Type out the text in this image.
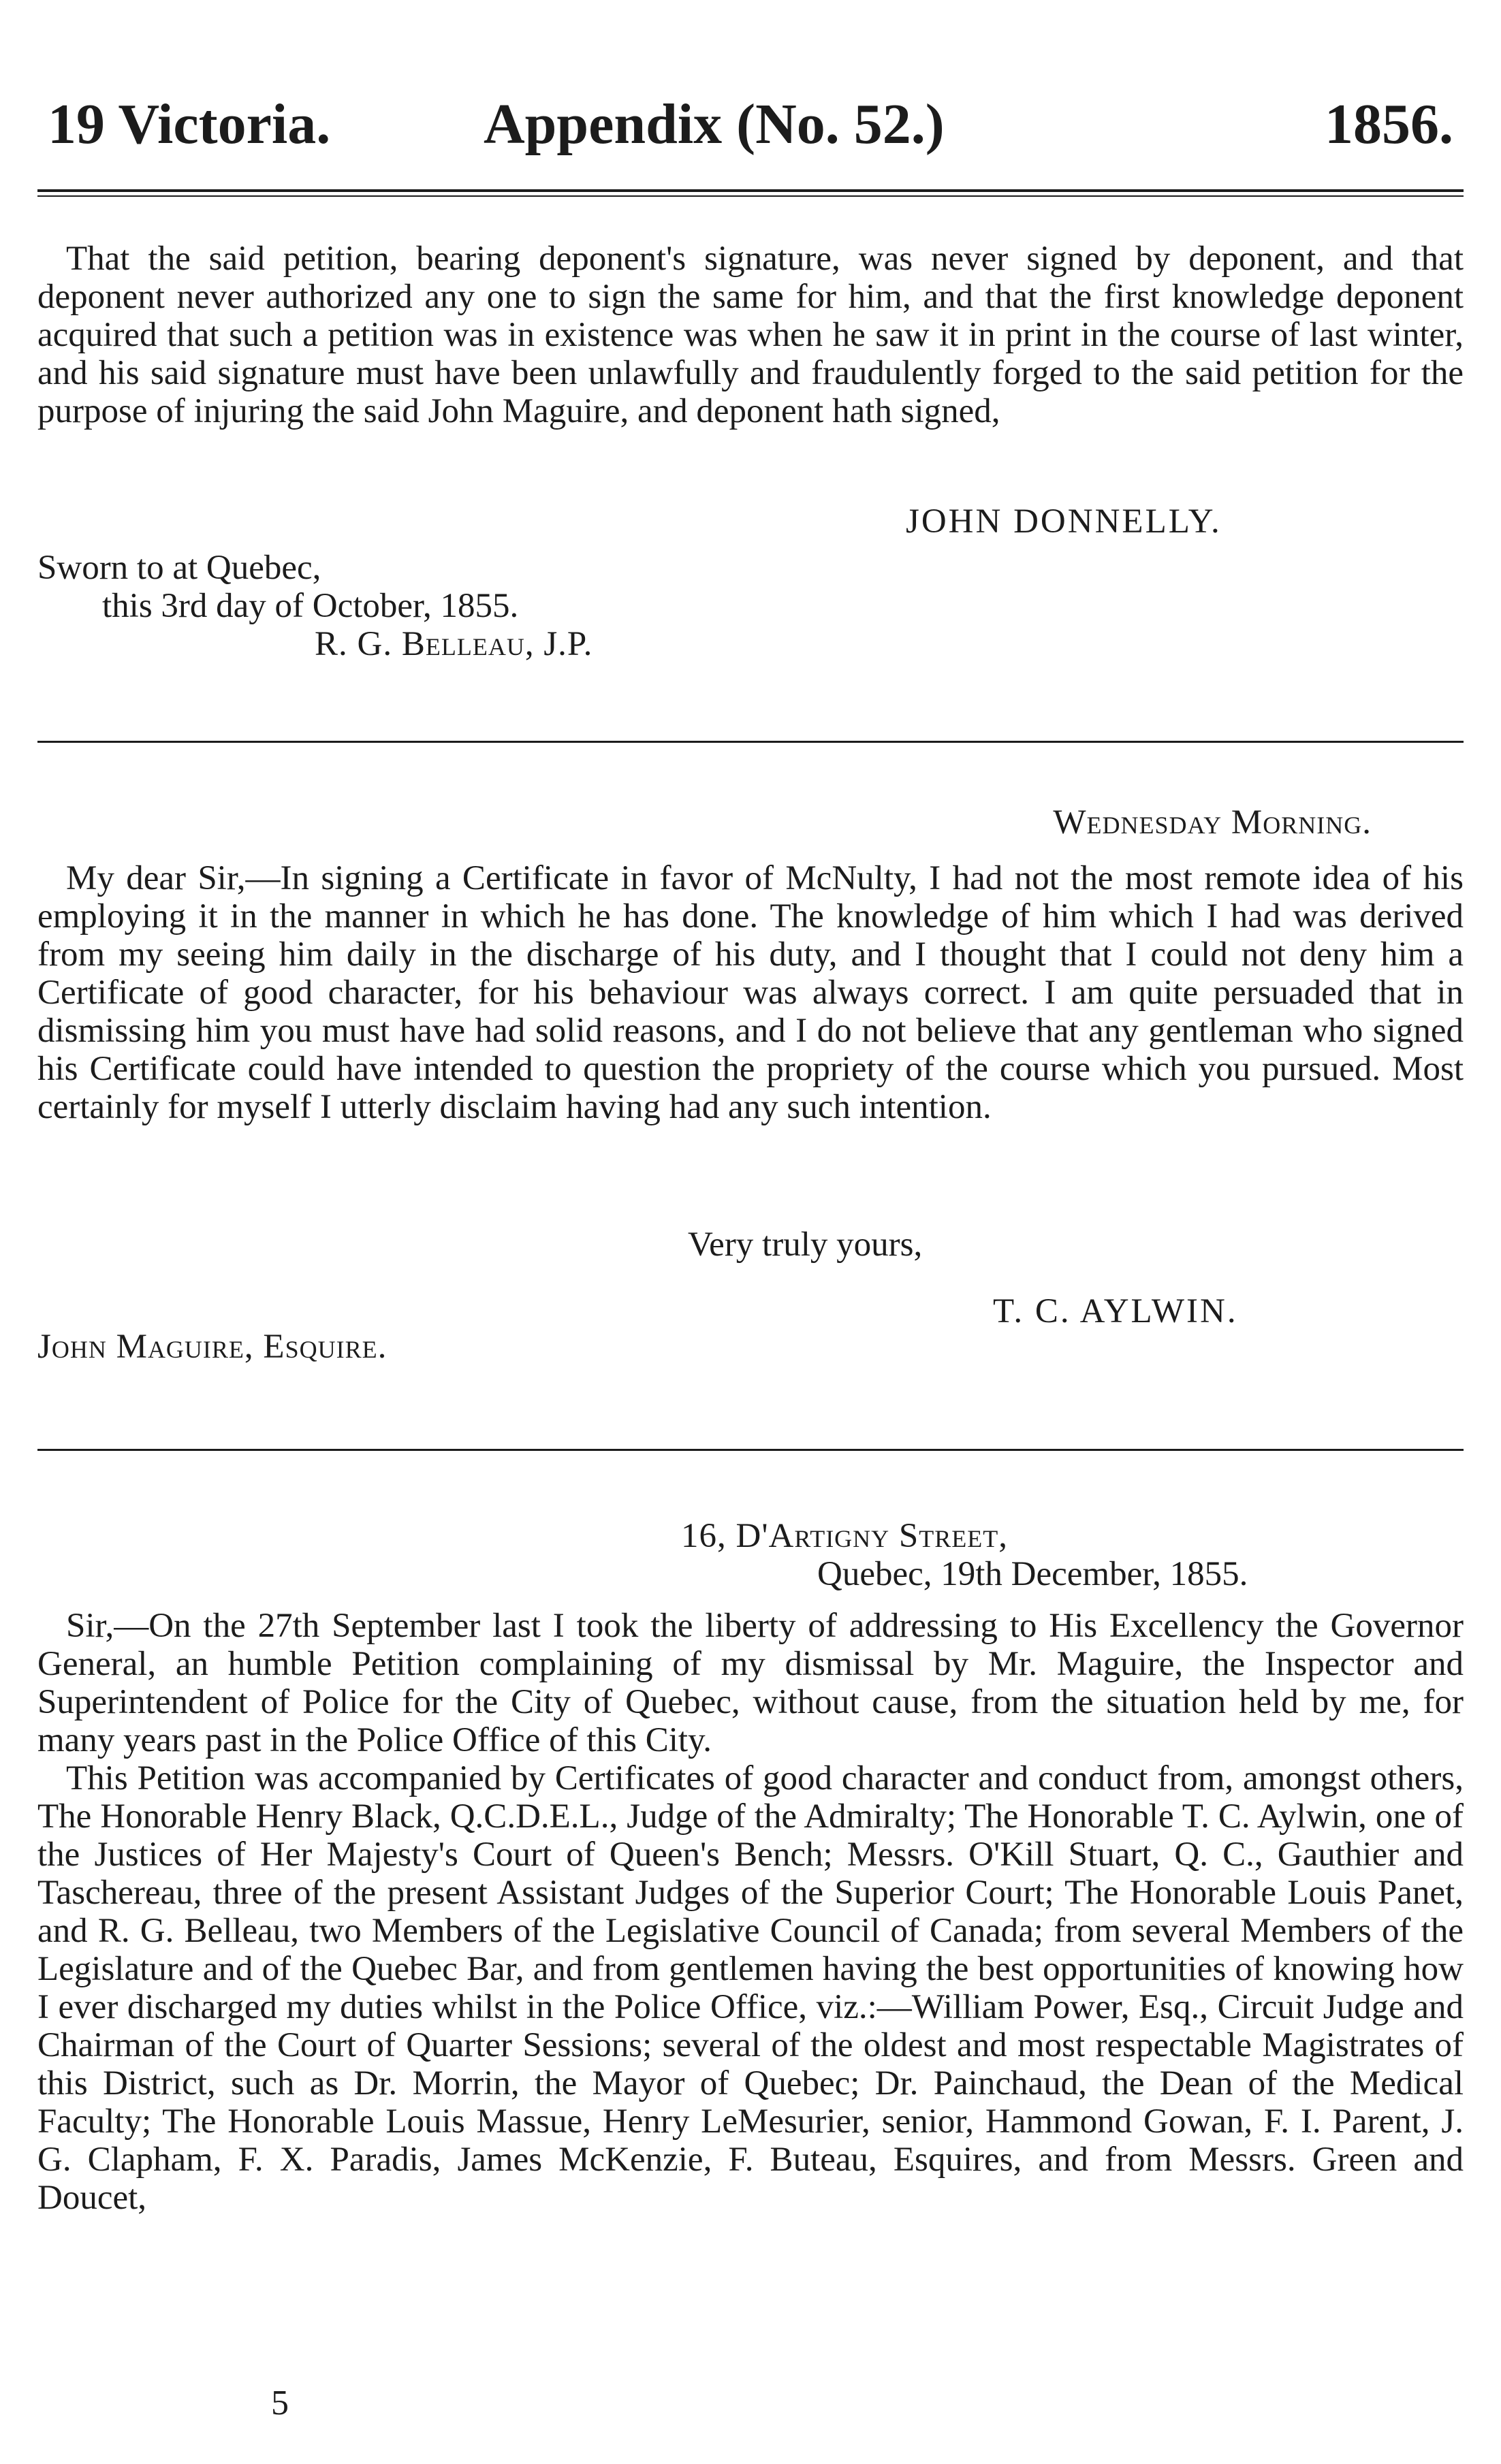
19 Victoria.	Appendix (No. 52.)	1856.

That the said petition, bearing deponent's signature, was never signed by deponent, and that deponent never authorized any one to sign the same for him, and that the first knowledge deponent acquired that such a petition was in existence was when he saw it in print in the course of last winter, and his said signature must have been unlawfully and fraudulently forged to the said petition for the purpose of injuring the said John Maguire, and deponent hath signed,

JOHN DONNELLY.
Sworn to at Quebec,
this 3rd day of October, 1855.
R. G. Belleau, J.P.
Wednesday Morning.

My dear Sir,—In signing a Certificate in favor of McNulty, I had not the most remote idea of his employing it in the manner in which he has done. The knowledge of him which I had was derived from my seeing him daily in the discharge of his duty, and I thought that I could not deny him a Certificate of good character, for his behaviour was always correct. I am quite persuaded that in dismissing him you must have had solid reasons, and I do not believe that any gentleman who signed his Certificate could have intended to question the propriety of the course which you pursued. Most certainly for myself I utterly disclaim having had any such intention.

Very truly yours,
T. C. AYLWIN.
John Maguire, Esquire.
16, D'Artigny Street,
Quebec, 19th December, 1855.

Sir,—On the 27th September last I took the liberty of addressing to His Excellency the Governor General, an humble Petition complaining of my dismissal by Mr. Maguire, the Inspector and Superintendent of Police for the City of Quebec, without cause, from the situation held by me, for many years past in the Police Office of this City.

This Petition was accompanied by Certificates of good character and conduct from, amongst others, The Honorable Henry Black, Q.C.D.E.L., Judge of the Admiralty; The Honorable T. C. Aylwin, one of the Justices of Her Majesty's Court of Queen's Bench; Messrs. O'Kill Stuart, Q. C., Gauthier and Taschereau, three of the present Assistant Judges of the Superior Court; The Honorable Louis Panet, and R. G. Belleau, two Members of the Legislative Council of Canada; from several Members of the Legislature and of the Quebec Bar, and from gentlemen having the best opportunities of knowing how I ever discharged my duties whilst in the Police Office, viz.:—William Power, Esq., Circuit Judge and Chairman of the Court of Quarter Sessions; several of the oldest and most respectable Magistrates of this District, such as Dr. Morrin, the Mayor of Quebec; Dr. Painchaud, the Dean of the Medical Faculty; The Honorable Louis Massue, Henry LeMesurier, senior, Hammond Gowan, F. I. Parent, J. G. Clapham, F. X. Paradis, James McKenzie, F. Buteau, Esquires, and from Messrs. Green and Doucet,

5
